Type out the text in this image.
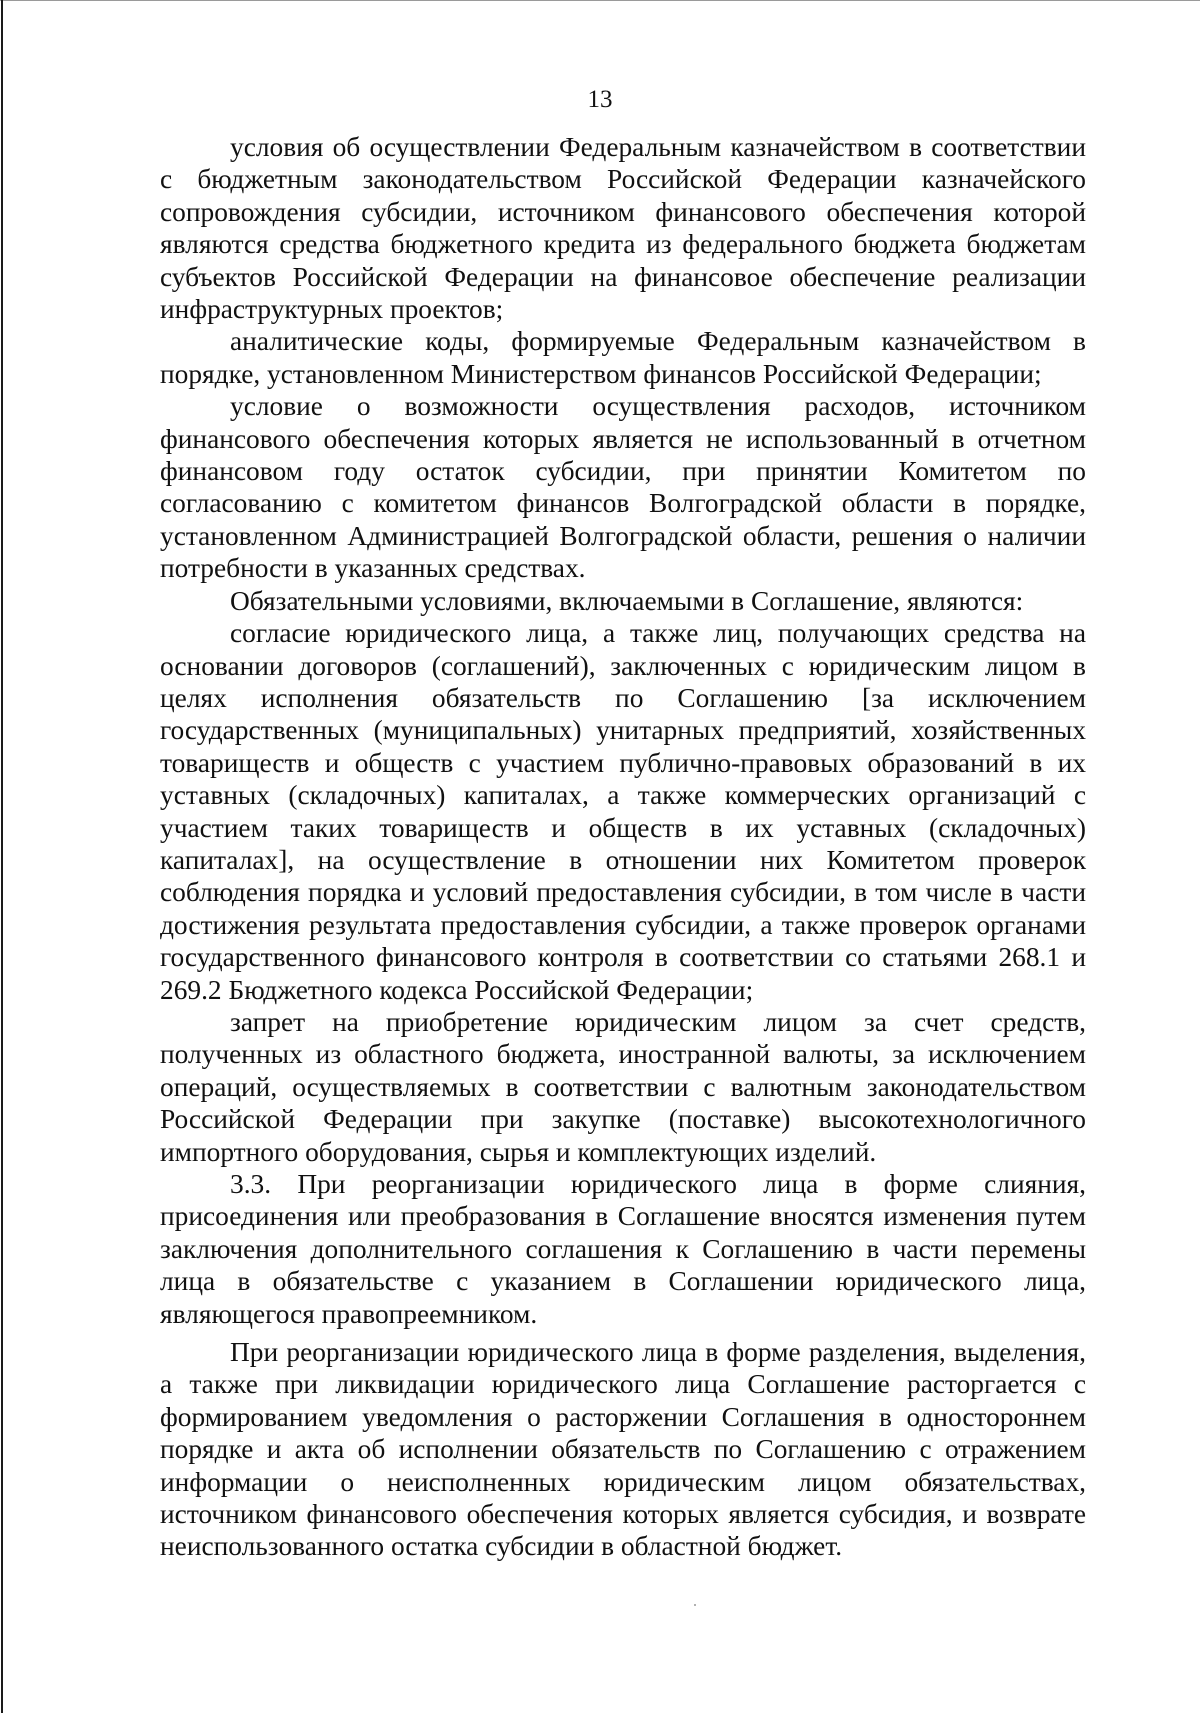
13

условия об осуществлении Федеральным казначейством в соответствии с бюджетным законодательством Российской Федерации казначейского сопровождения субсидии, источником финансового обеспечения которой являются средства бюджетного кредита из федерального бюджета бюджетам субъектов Российской Федерации на финансовое обеспечение реализации инфраструктурных проектов;

аналитические коды, формируемые Федеральным казначейством в порядке, установленном Министерством финансов Российской Федерации;

условие о возможности осуществления расходов, источником финансового обеспечения которых является не использованный в отчетном финансовом году остаток субсидии, при принятии Комитетом по согласованию с комитетом финансов Волгоградской области в порядке, установленном Администрацией Волгоградской области, решения о наличии потребности в указанных средствах.

Обязательными условиями, включаемыми в Соглашение, являются:

согласие юридического лица, а также лиц, получающих средства на основании договоров (соглашений), заключенных с юридическим лицом в целях исполнения обязательств по Соглашению [за исключением государственных (муниципальных) унитарных предприятий, хозяйственных товариществ и обществ с участием публично-правовых образований в их уставных (складочных) капиталах, а также коммерческих организаций с участием таких товариществ и обществ в их уставных (складочных) капиталах], на осуществление в отношении них Комитетом проверок соблюдения порядка и условий предоставления субсидии, в том числе в части достижения результата предоставления субсидии, а также проверок органами государственного финансового контроля в соответствии со статьями 268.1 и 269.2 Бюджетного кодекса Российской Федерации;

запрет на приобретение юридическим лицом за счет средств, полученных из областного бюджета, иностранной валюты, за исключением операций, осуществляемых в соответствии с валютным законодательством Российской Федерации при закупке (поставке) высокотехнологичного импортного оборудования, сырья и комплектующих изделий.

3.3. При реорганизации юридического лица в форме слияния, присоединения или преобразования в Соглашение вносятся изменения путем заключения дополнительного соглашения к Соглашению в части перемены лица в обязательстве с указанием в Соглашении юридического лица, являющегося правопреемником.

При реорганизации юридического лица в форме разделения, выделения, а также при ликвидации юридического лица Соглашение расторгается с формированием уведомления о расторжении Соглашения в одностороннем порядке и акта об исполнении обязательств по Соглашению с отражением информации о неисполненных юридическим лицом обязательствах, источником финансового обеспечения которых является субсидия, и возврате неиспользованного остатка субсидии в областной бюджет.
